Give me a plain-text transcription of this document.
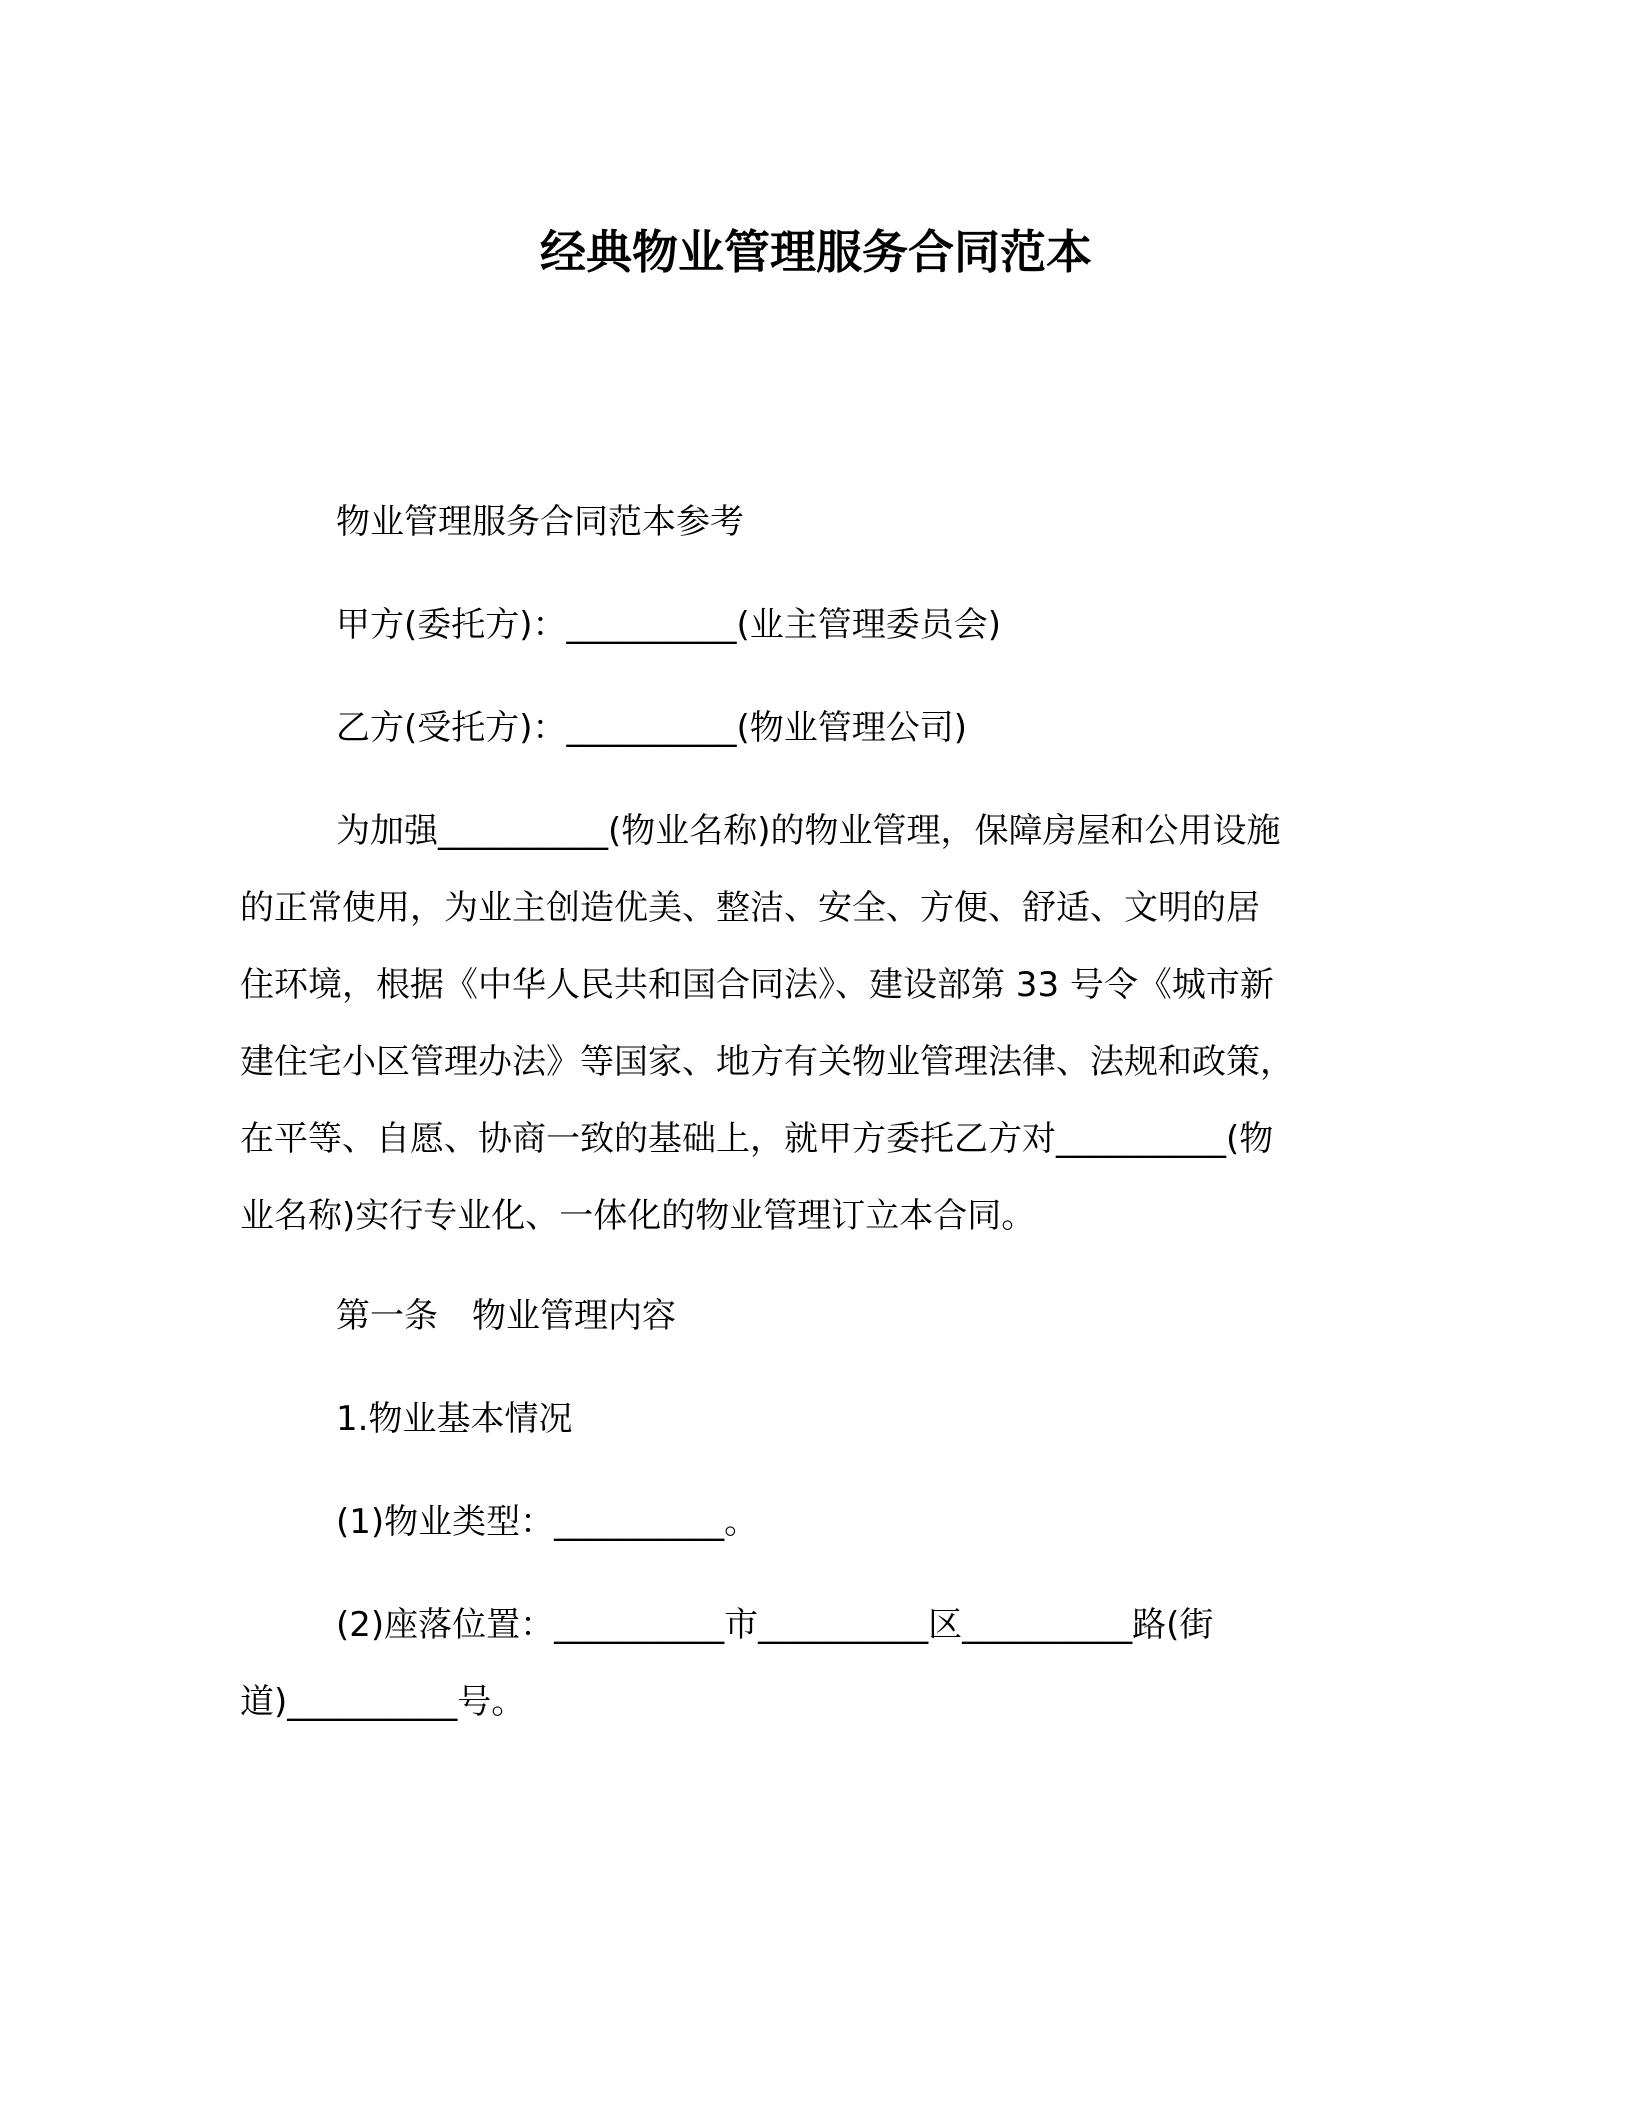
经典物业管理服务合同范本

物业管理服务合同范本参考

甲方(委托方)：__________(业主管理委员会)

乙方(受托方)：__________(物业管理公司)

为加强__________(物业名称)的物业管理，保障房屋和公用设施
的正常使用，为业主创造优美、整洁、安全、方便、舒适、文明的居
住环境，根据《中华人民共和国合同法》、建设部第 33 号令《城市新
建住宅小区管理办法》等国家、地方有关物业管理法律、法规和政策，
在平等、自愿、协商一致的基础上，就甲方委托乙方对__________(物
业名称)实行专业化、一体化的物业管理订立本合同。

第一条　物业管理内容

1.物业基本情况

(1)物业类型：__________。

(2)座落位置：__________市__________区__________路(街
道)__________号。
